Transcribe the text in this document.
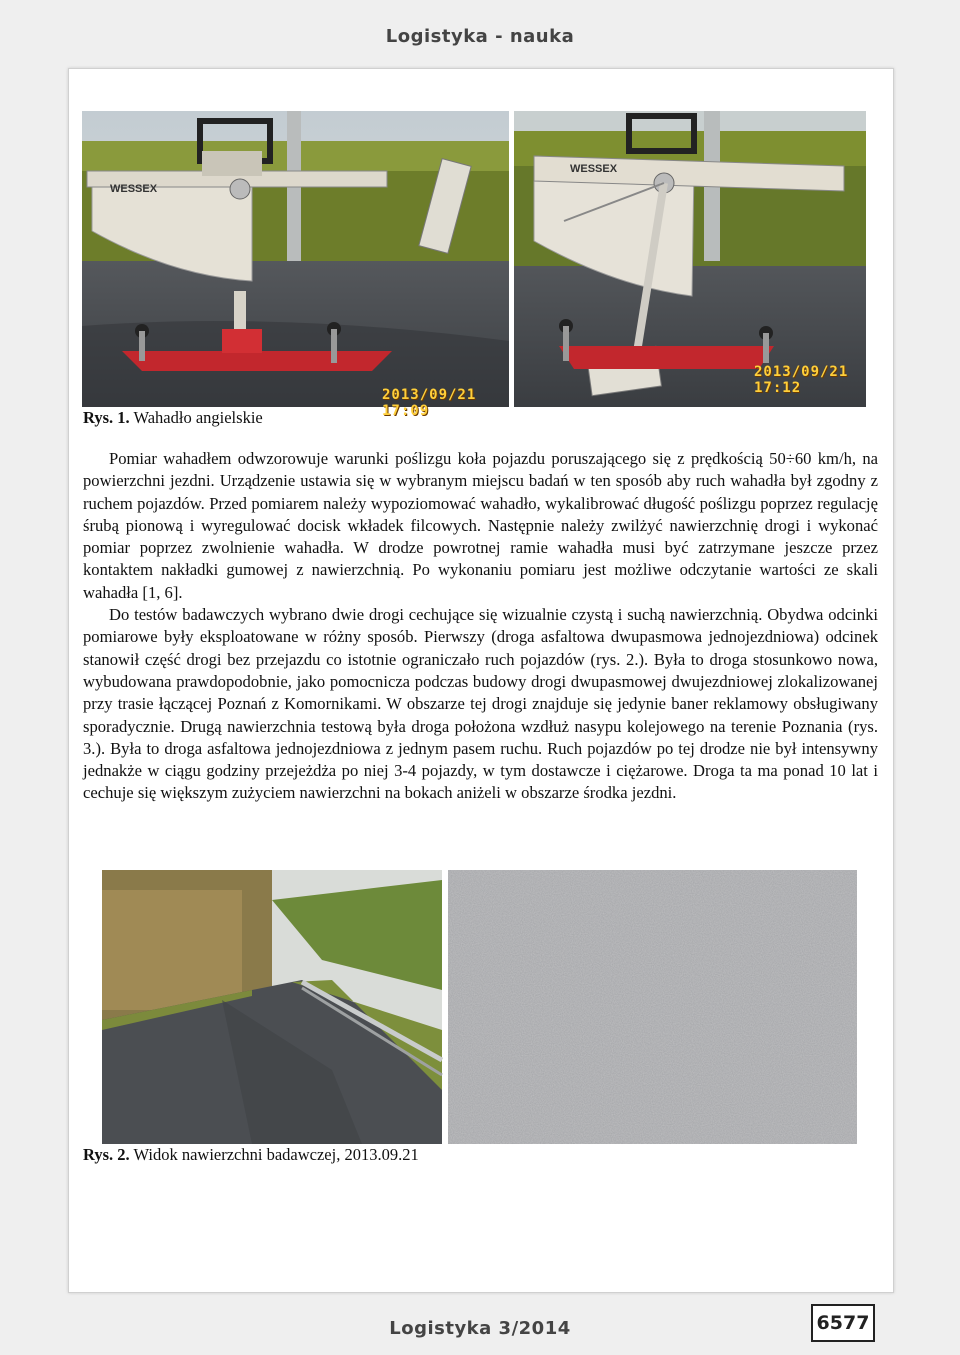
Logistyka - nauka
2013/09/21 17:09
WESSEX
2013/09/21 17:12
WESSEX
Rys. 1. Wahadło angielskie

Pomiar wahadłem odwzorowuje warunki poślizgu koła pojazdu poruszającego się z prędkością 50÷60 km/h, na powierzchni jezdni. Urządzenie ustawia się w wybranym miejscu badań w ten sposób aby ruch wahadła był zgodny z ruchem pojazdów. Przed pomiarem należy wypoziomować wahadło, wykalibrować długość poślizgu poprzez regulację śrubą pionową i wyregulować docisk wkładek filcowych. Następnie należy zwilżyć nawierzchnię drogi i wykonać pomiar poprzez zwolnienie wahadła. W drodze powrotnej ramie wahadła musi być zatrzymane jeszcze przez kontaktem nakładki gumowej z nawierzchnią. Po wykonaniu pomiaru jest możliwe odczytanie wartości ze skali wahadła [1, 6].

Do testów badawczych wybrano dwie drogi cechujące się wizualnie czystą i suchą nawierzchnią. Obydwa odcinki pomiarowe były eksploatowane w różny sposób. Pierwszy (droga asfaltowa dwupasmowa jednojezdniowa) odcinek stanowił część drogi bez przejazdu co istotnie ograniczało ruch pojazdów (rys. 2.). Była to droga stosunkowo nowa, wybudowana prawdopodobnie, jako pomocnicza podczas budowy drogi dwupasmowej dwujezdniowej zlokalizowanej przy trasie łączącej Poznań z Komornikami. W obszarze tej drogi znajduje się jedynie baner reklamowy obsługiwany sporadycznie. Drugą nawierzchnia testową była droga położona wzdłuż nasypu kolejowego na terenie Poznania (rys. 3.). Była to droga asfaltowa jednojezdniowa z jednym pasem ruchu. Ruch pojazdów po tej drodze nie był intensywny jednakże w ciągu godziny przejeżdża po niej 3-4 pojazdy, w tym dostawcze i ciężarowe. Droga ta ma ponad 10 lat i cechuje się większym zużyciem nawierzchni na bokach aniżeli w obszarze środka jezdni.

Rys. 2. Widok nawierzchni badawczej, 2013.09.21
Logistyka 3/2014	6577
